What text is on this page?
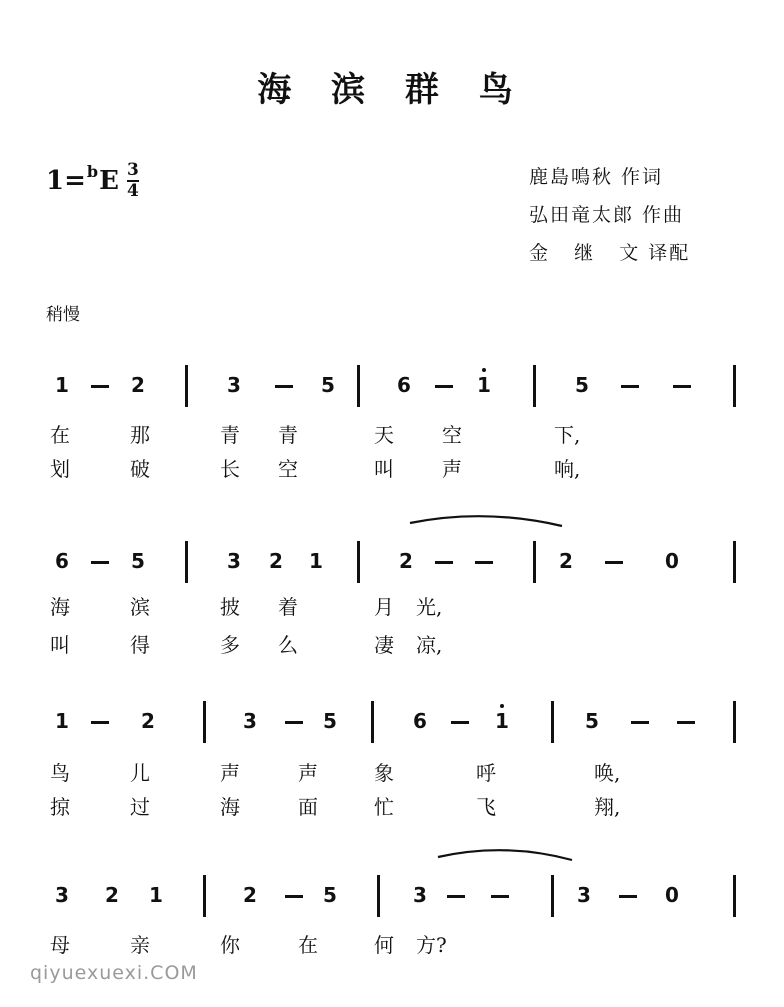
海 滨 群 鸟
1= b E 3
4
鹿島鳴秋 作词
弘田竜太郎 作曲
金   继   文 译配
稍慢
1	2	3	5	6	1	5
在	那	青 青	天 空	下,
划	破	长 空	叫 声	响,
6	5	3 2 1	2	2	0
海	滨	披 着	月 光,
叫	得	多 么	凄 凉,
1	2	3	5	6	1	5
鸟	儿	声	声	象	呼	唤,
掠	过	海	面	忙	飞	翔,
3 2 1	2	5	3	3	0
母	亲	你	在	何 方?
qiyuexuexi.COM
